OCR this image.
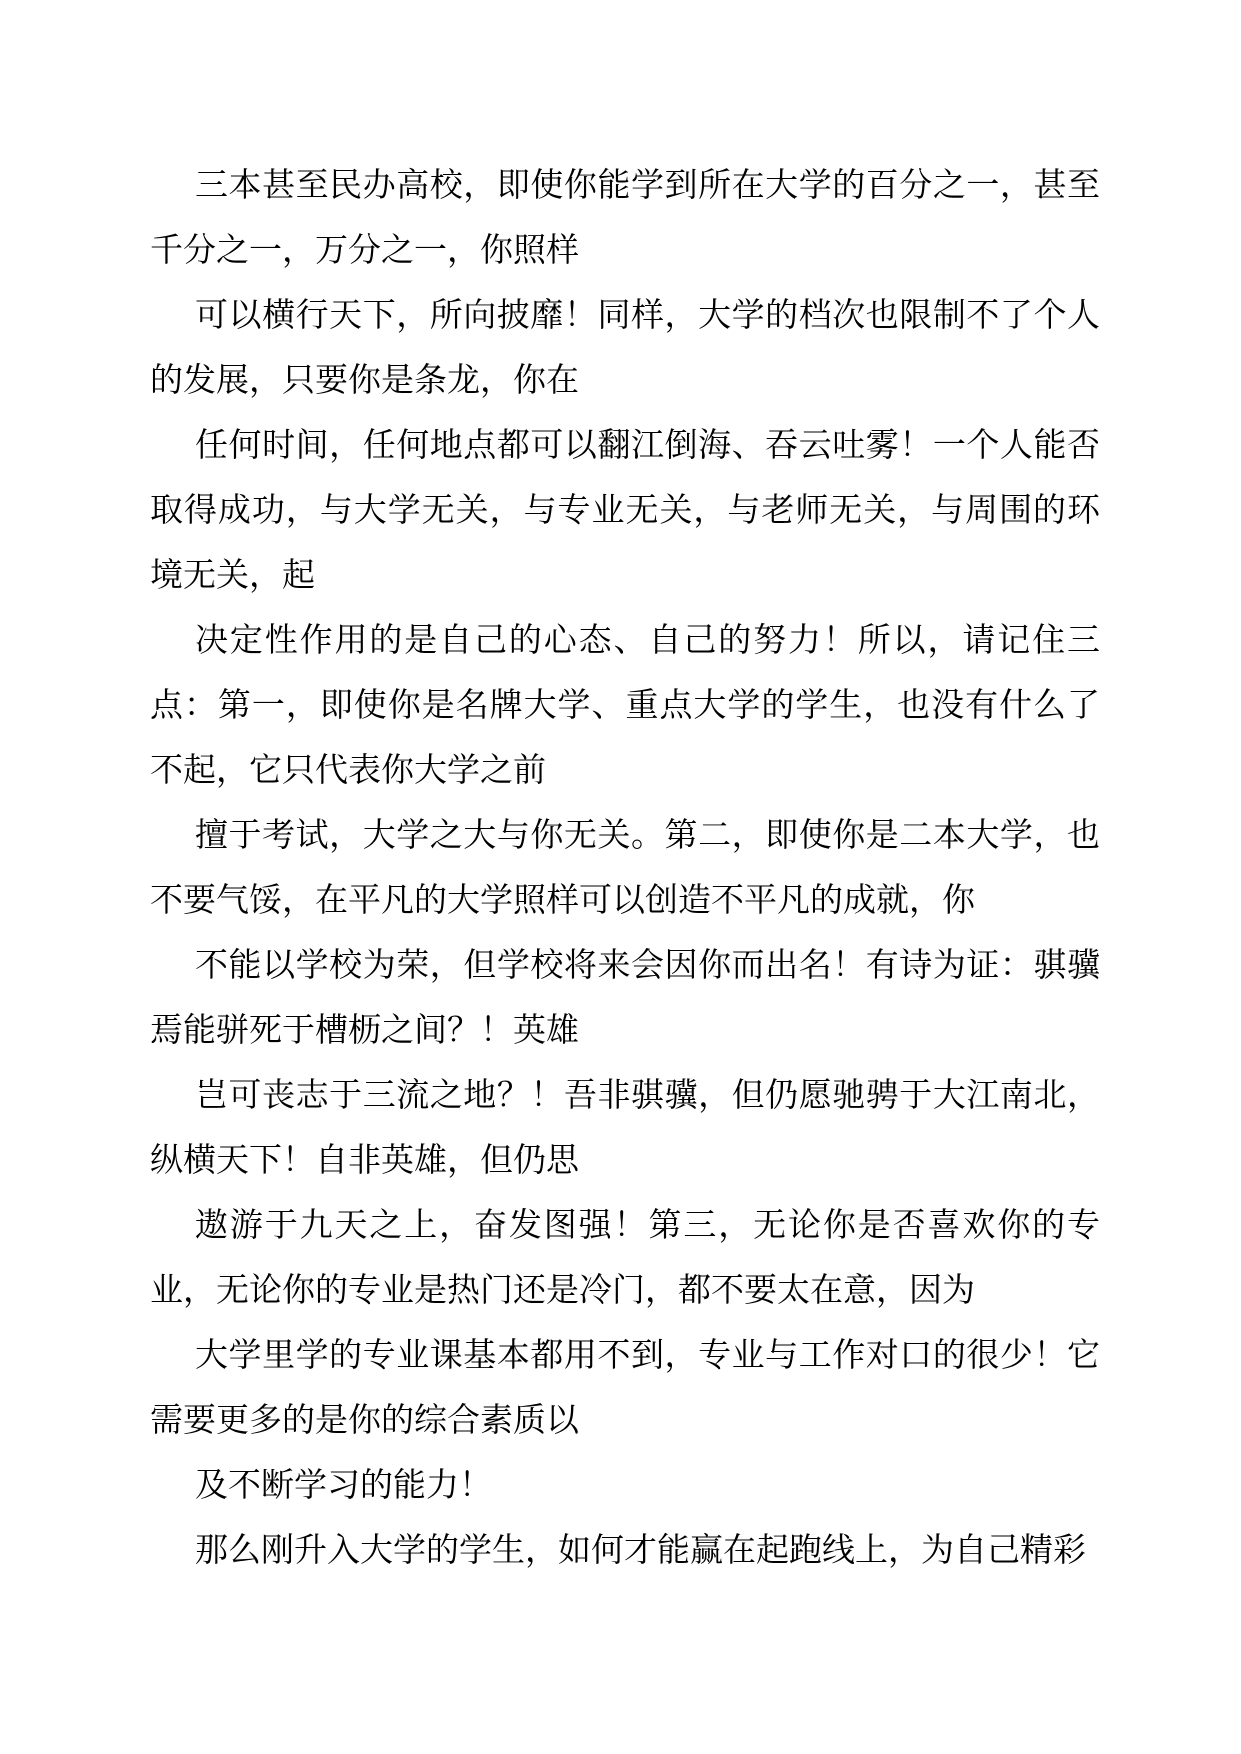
三本甚至民办高校，即使你能学到所在大学的百分之一，甚至千分之一，万分之一，你照样

可以横行天下，所向披靡！同样，大学的档次也限制不了个人的发展，只要你是条龙，你在

任何时间，任何地点都可以翻江倒海、吞云吐雾！一个人能否取得成功，与大学无关，与专业无关，与老师无关，与周围的环境无关，起

决定性作用的是自己的心态、自己的努力！所以，请记住三点：第一，即使你是名牌大学、重点大学的学生，也没有什么了不起，它只代表你大学之前

擅于考试，大学之大与你无关。第二，即使你是二本大学，也不要气馁，在平凡的大学照样可以创造不平凡的成就，你

不能以学校为荣，但学校将来会因你而出名！有诗为证：骐骥焉能骈死于槽枥之间？！英雄

岂可丧志于三流之地？！吾非骐骥，但仍愿驰骋于大江南北，纵横天下！自非英雄，但仍思

遨游于九天之上，奋发图强！第三，无论你是否喜欢你的专业，无论你的专业是热门还是冷门，都不要太在意，因为

大学里学的专业课基本都用不到，专业与工作对口的很少！它需要更多的是你的综合素质以

及不断学习的能力！

那么刚升入大学的学生，如何才能赢在起跑线上，为自己精彩
